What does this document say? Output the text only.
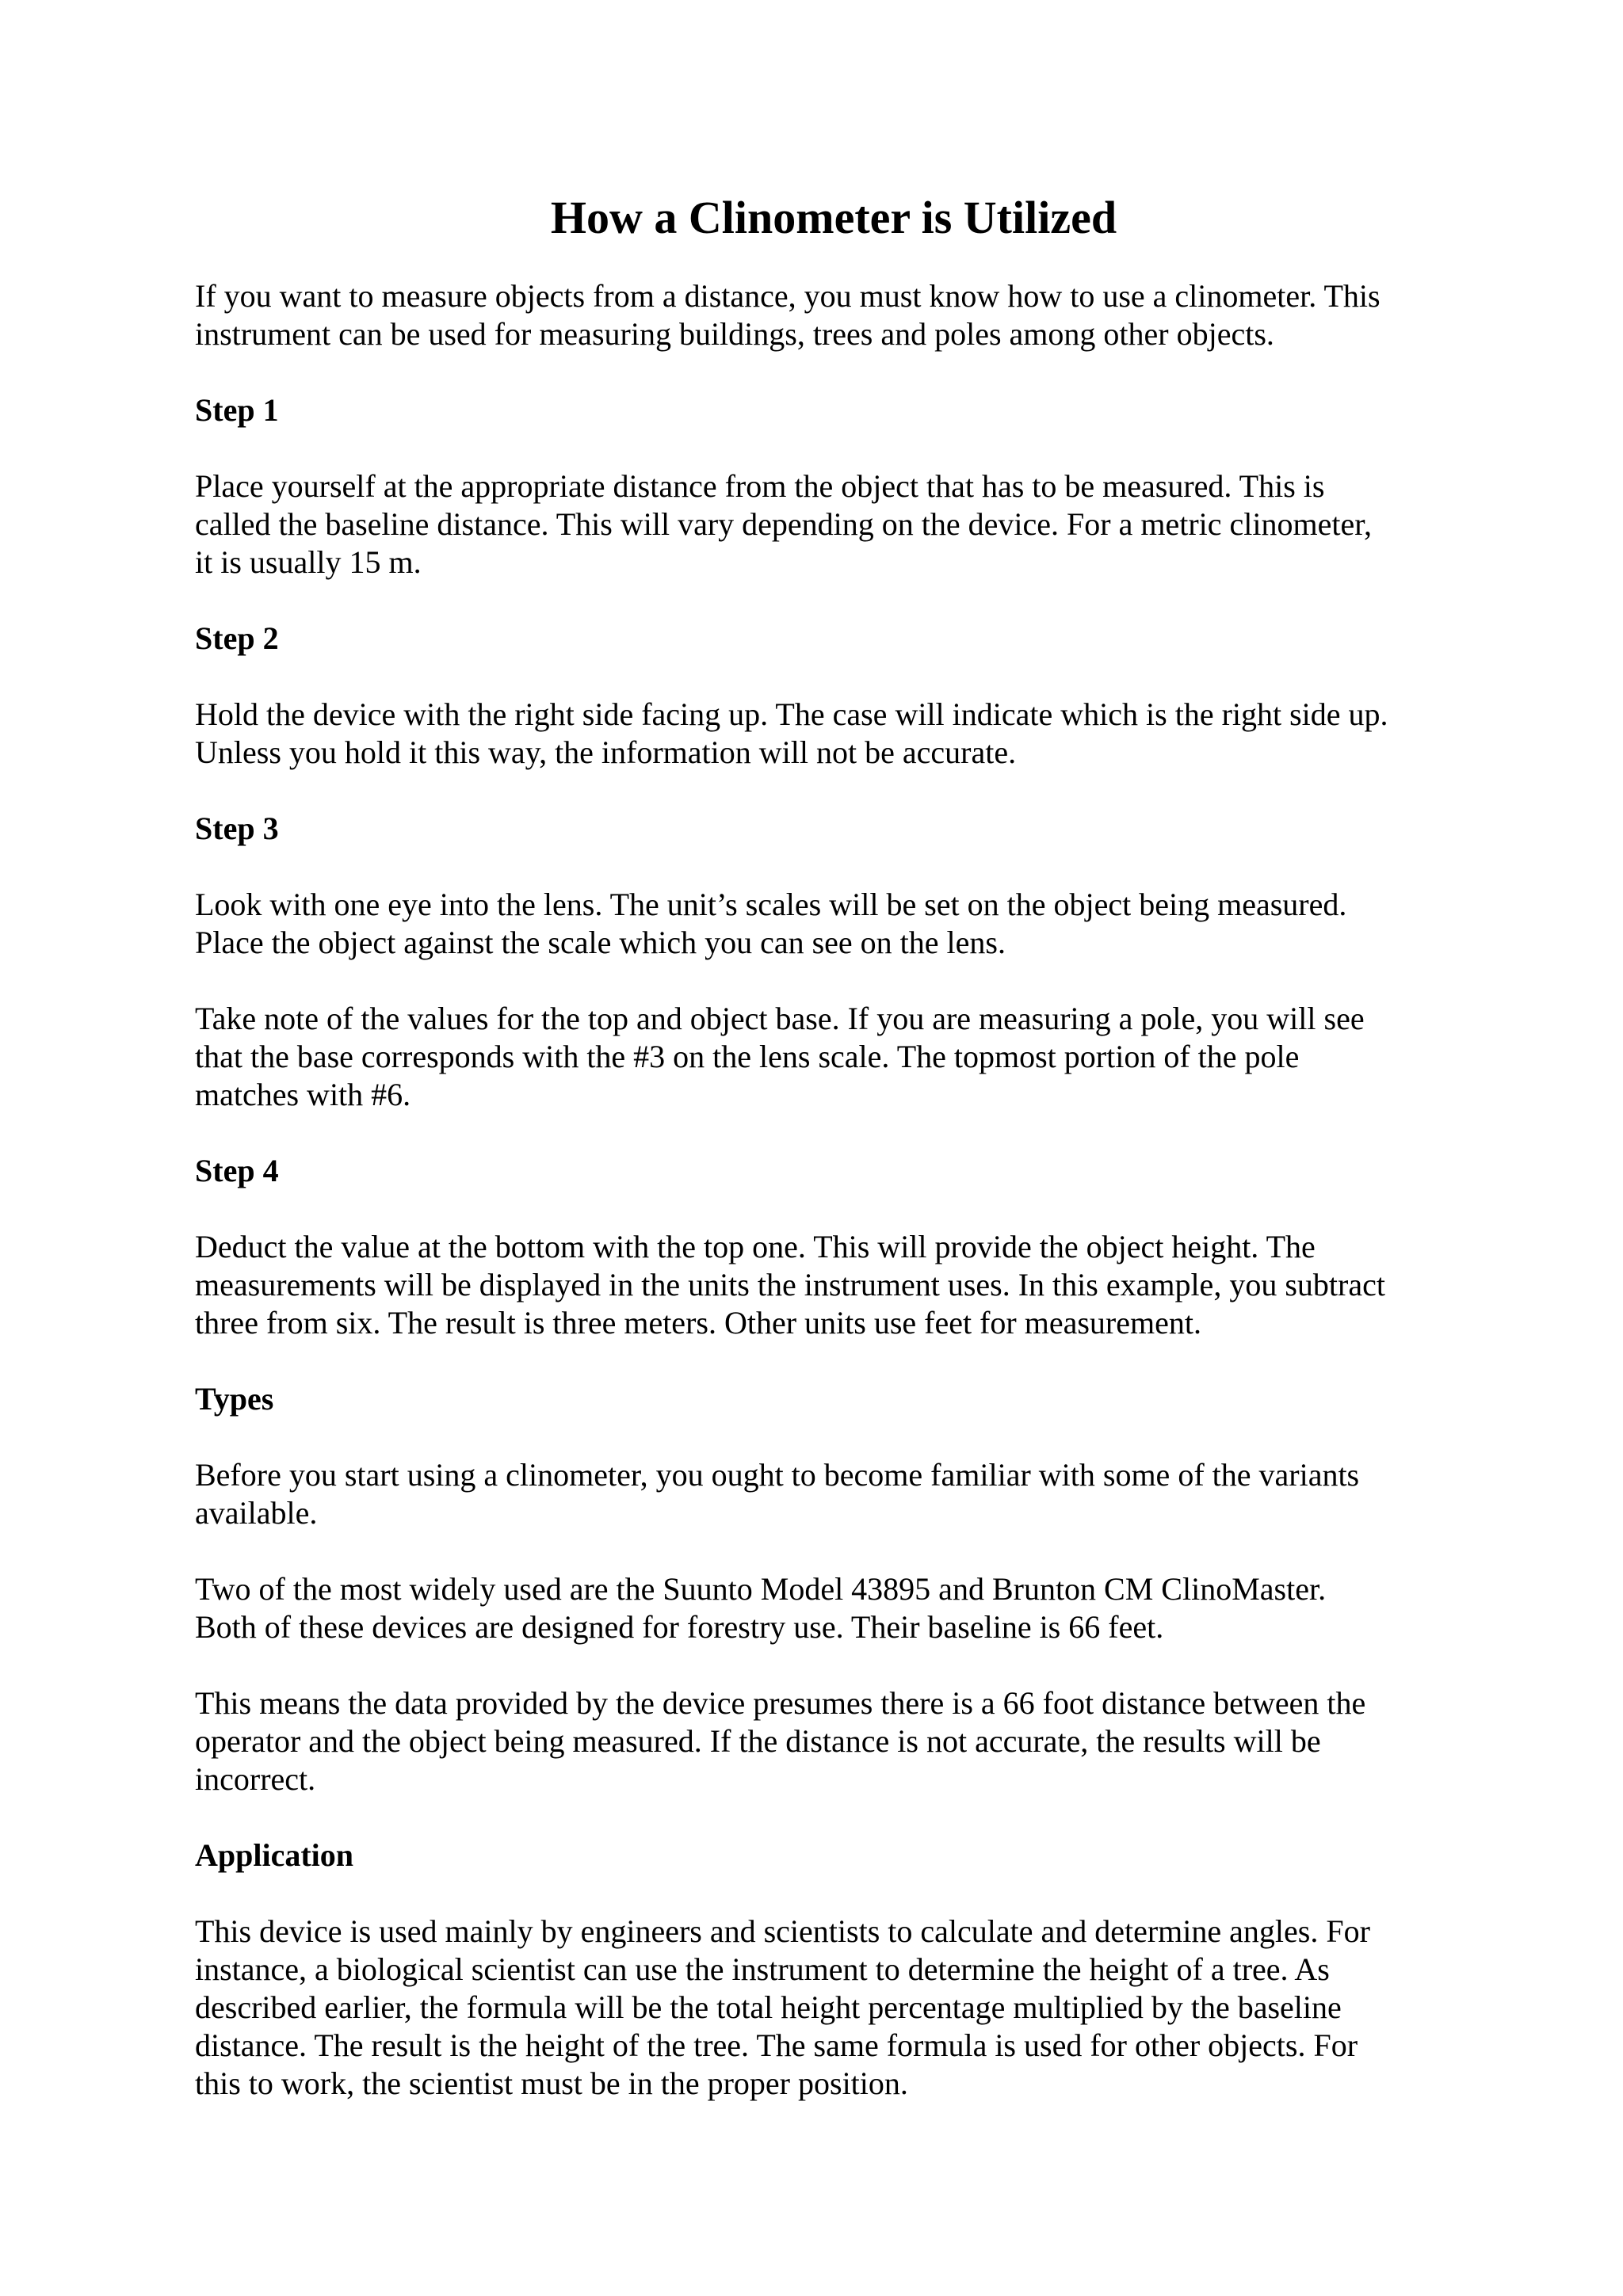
How a Clinometer is Utilized

If you want to measure objects from a distance, you must know how to use a clinometer. This
instrument can be used for measuring buildings, trees and poles among other objects.

Step 1

Place yourself at the appropriate distance from the object that has to be measured. This is
called the baseline distance. This will vary depending on the device. For a metric clinometer,
it is usually 15 m.

Step 2

Hold the device with the right side facing up. The case will indicate which is the right side up.
Unless you hold it this way, the information will not be accurate.

Step 3

Look with one eye into the lens. The unit’s scales will be set on the object being measured.
Place the object against the scale which you can see on the lens.

Take note of the values for the top and object base. If you are measuring a pole, you will see
that the base corresponds with the #3 on the lens scale. The topmost portion of the pole
matches with #6.

Step 4

Deduct the value at the bottom with the top one. This will provide the object height. The
measurements will be displayed in the units the instrument uses. In this example, you subtract
three from six. The result is three meters. Other units use feet for measurement.

Types

Before you start using a clinometer, you ought to become familiar with some of the variants
available.

Two of the most widely used are the Suunto Model 43895 and Brunton CM ClinoMaster.
Both of these devices are designed for forestry use. Their baseline is 66 feet.

This means the data provided by the device presumes there is a 66 foot distance between the
operator and the object being measured. If the distance is not accurate, the results will be
incorrect.

Application

This device is used mainly by engineers and scientists to calculate and determine angles. For
instance, a biological scientist can use the instrument to determine the height of a tree. As
described earlier, the formula will be the total height percentage multiplied by the baseline
distance. The result is the height of the tree. The same formula is used for other objects. For
this to work, the scientist must be in the proper position.
